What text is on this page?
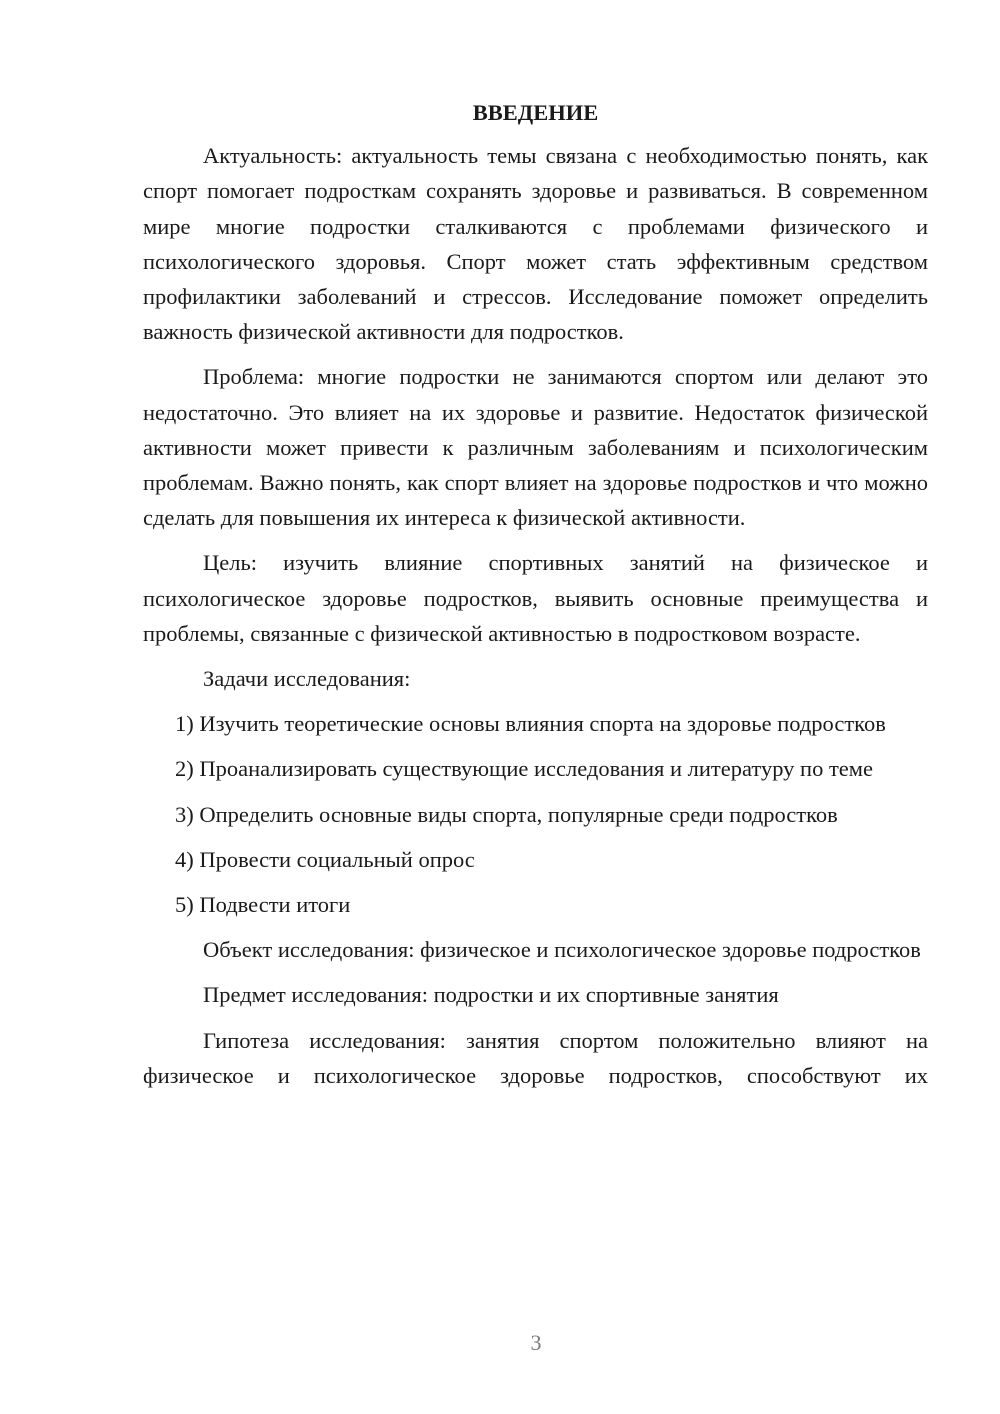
ВВЕДЕНИЕ

Актуальность: актуальность темы связана с необходимостью понять, как спорт помогает подросткам сохранять здоровье и развиваться. В современном мире многие подростки сталкиваются с проблемами физического и психологического здоровья. Спорт может стать эффективным средством профилактики заболеваний и стрессов. Исследование поможет определить важность физической активности для подростков.

Проблема: многие подростки не занимаются спортом или делают это недостаточно. Это влияет на их здоровье и развитие. Недостаток физической активности может привести к различным заболеваниям и психологическим проблемам. Важно понять, как спорт влияет на здоровье подростков и что можно сделать для повышения их интереса к физической активности.

Цель: изучить влияние спортивных занятий на физическое и психологическое здоровье подростков, выявить основные преимущества и проблемы, связанные с физической активностью в подростковом возрасте.

Задачи исследования:

1) Изучить теоретические основы влияния спорта на здоровье подростков

2) Проанализировать существующие исследования и литературу по теме

3) Определить основные виды спорта, популярные среди подростков

4) Провести социальный опрос

5) Подвести итоги

Объект исследования: физическое и психологическое здоровье подростков

Предмет исследования: подростки и их спортивные занятия

Гипотеза исследования: занятия спортом положительно влияют на физическое и психологическое здоровье подростков, способствуют их

3
